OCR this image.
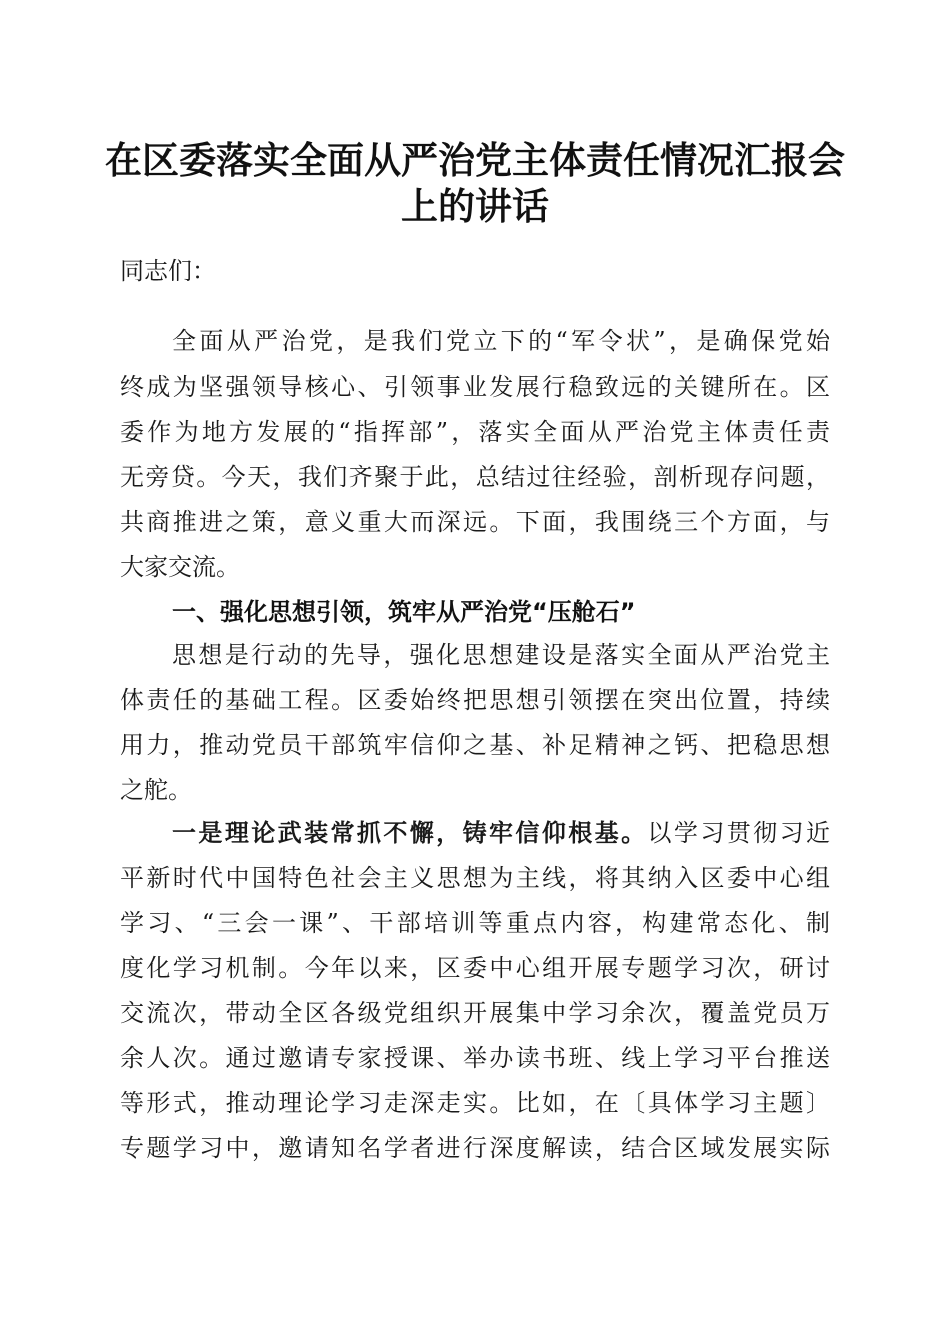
在区委落实全面从严治党主体责任情况汇报会
上的讲话
同志们：
全面从严治党，是我们党立下的“军令状”，是确保党始
终成为坚强领导核心、引领事业发展行稳致远的关键所在。区
委作为地方发展的“指挥部”，落实全面从严治党主体责任责
无旁贷。今天，我们齐聚于此，总结过往经验，剖析现存问题，
共商推进之策，意义重大而深远。下面，我围绕三个方面，与
大家交流。
一、强化思想引领，筑牢从严治党“压舱石”
思想是行动的先导，强化思想建设是落实全面从严治党主
体责任的基础工程。区委始终把思想引领摆在突出位置，持续
用力，推动党员干部筑牢信仰之基、补足精神之钙、把稳思想
之舵。
一是理论武装常抓不懈，铸牢信仰根基。以学习贯彻习近
平新时代中国特色社会主义思想为主线，将其纳入区委中心组
学习、“三会一课”、干部培训等重点内容，构建常态化、制
度化学习机制。今年以来，区委中心组开展专题学习次，研讨
交流次，带动全区各级党组织开展集中学习余次，覆盖党员万
余人次。通过邀请专家授课、举办读书班、线上学习平台推送
等形式，推动理论学习走深走实。比如，在〔具体学习主题〕
专题学习中，邀请知名学者进行深度解读，结合区域发展实际
